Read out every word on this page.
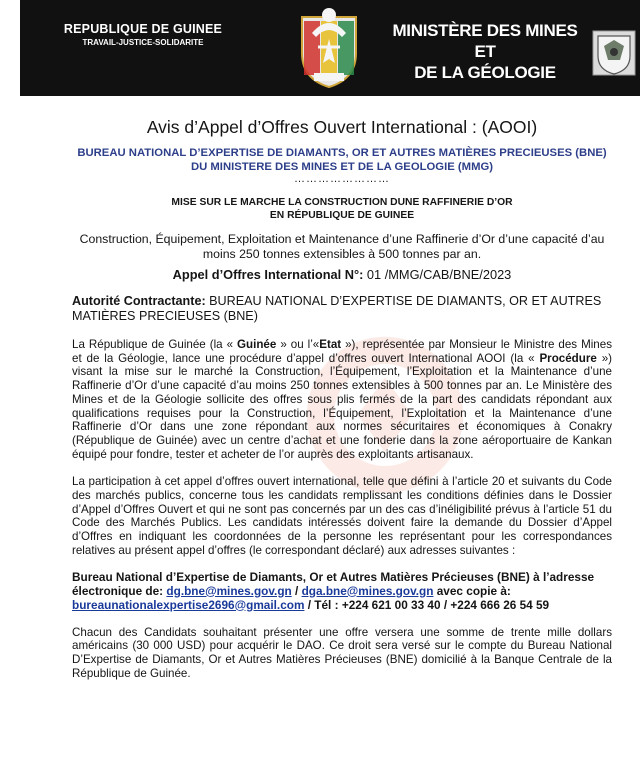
REPUBLIQUE DE GUINEE
TRAVAIL-JUSTICE-SOLIDARITE
MINISTÈRE DES MINES ET
DE LA GÉOLOGIE
Avis d’Appel d’Offres Ouvert International : (AOOI)
BUREAU NATIONAL D’EXPERTISE DE DIAMANTS, OR ET AUTRES MATIÈRES PRECIEUSES (BNE)
DU MINISTERE DES MINES ET DE LA GEOLOGIE (MMG)
……………………
MISE SUR LE MARCHE LA CONSTRUCTION DUNE RAFFINERIE D’OR
EN RÉPUBLIQUE DE GUINEE
Construction, Équipement, Exploitation et Maintenance d’une Raffinerie d’Or d’une capacité d’au moins 250 tonnes extensibles à 500 tonnes par an.
Appel d’Offres International N°: 01 /MMG/CAB/BNE/2023
Autorité Contractante: BUREAU NATIONAL D’EXPERTISE DE DIAMANTS, OR ET AUTRES MATIÈRES PRECIEUSES (BNE)
La République de Guinée (la « Guinée » ou l’«Etat »), représentée par Monsieur le Ministre des Mines et de la Géologie, lance une procédure d’appel d’offres ouvert International AOOI (la « Procédure ») visant la mise sur le marché la Construction, l’Équipement, l’Exploitation et la Maintenance d’une Raffinerie d’Or d’une capacité d’au moins 250 tonnes extensibles à 500 tonnes par an. Le Ministère des Mines et de la Géologie sollicite des offres sous plis fermés de la part des candidats répondant aux qualifications requises pour la Construction, l’Équipement, l’Exploitation et la Maintenance d’une Raffinerie d’Or dans une zone répondant aux normes sécuritaires et économiques à Conakry (République de Guinée) avec un centre d’achat et une fonderie dans la zone aéroportuaire de Kankan équipé pour fondre, tester et acheter de l’or auprès des exploitants artisanaux.
La participation à cet appel d’offres ouvert international, telle que défini à l’article 20 et suivants du Code des marchés publics, concerne tous les candidats remplissant les conditions définies dans le Dossier d’Appel d’Offres Ouvert et qui ne sont pas concernés par un des cas d’inéligibilité prévus à l’article 51 du Code des Marchés Publics. Les candidats intéressés doivent faire la demande du Dossier d’Appel d’Offres en indiquant les coordonnées de la personne les représentant pour les correspondances relatives au présent appel d’offres (le correspondant déclaré) aux adresses suivantes :
Bureau National d’Expertise de Diamants, Or et Autres Matières Précieuses (BNE) à l’adresse électronique de: dg.bne@mines.gov.gn / dga.bne@mines.gov.gn avec copie à: bureaunationalexpertise2696@gmail.com / Tél : +224 621 00 33 40 / +224 666 26 54 59
Chacun des Candidats souhaitant présenter une offre versera une somme de trente mille dollars américains (30 000 USD) pour acquérir le DAO. Ce droit sera versé sur le compte du Bureau National D’Expertise de Diamants, Or et Autres Matières Précieuses (BNE) domicilié à la Banque Centrale de la République de Guinée.
